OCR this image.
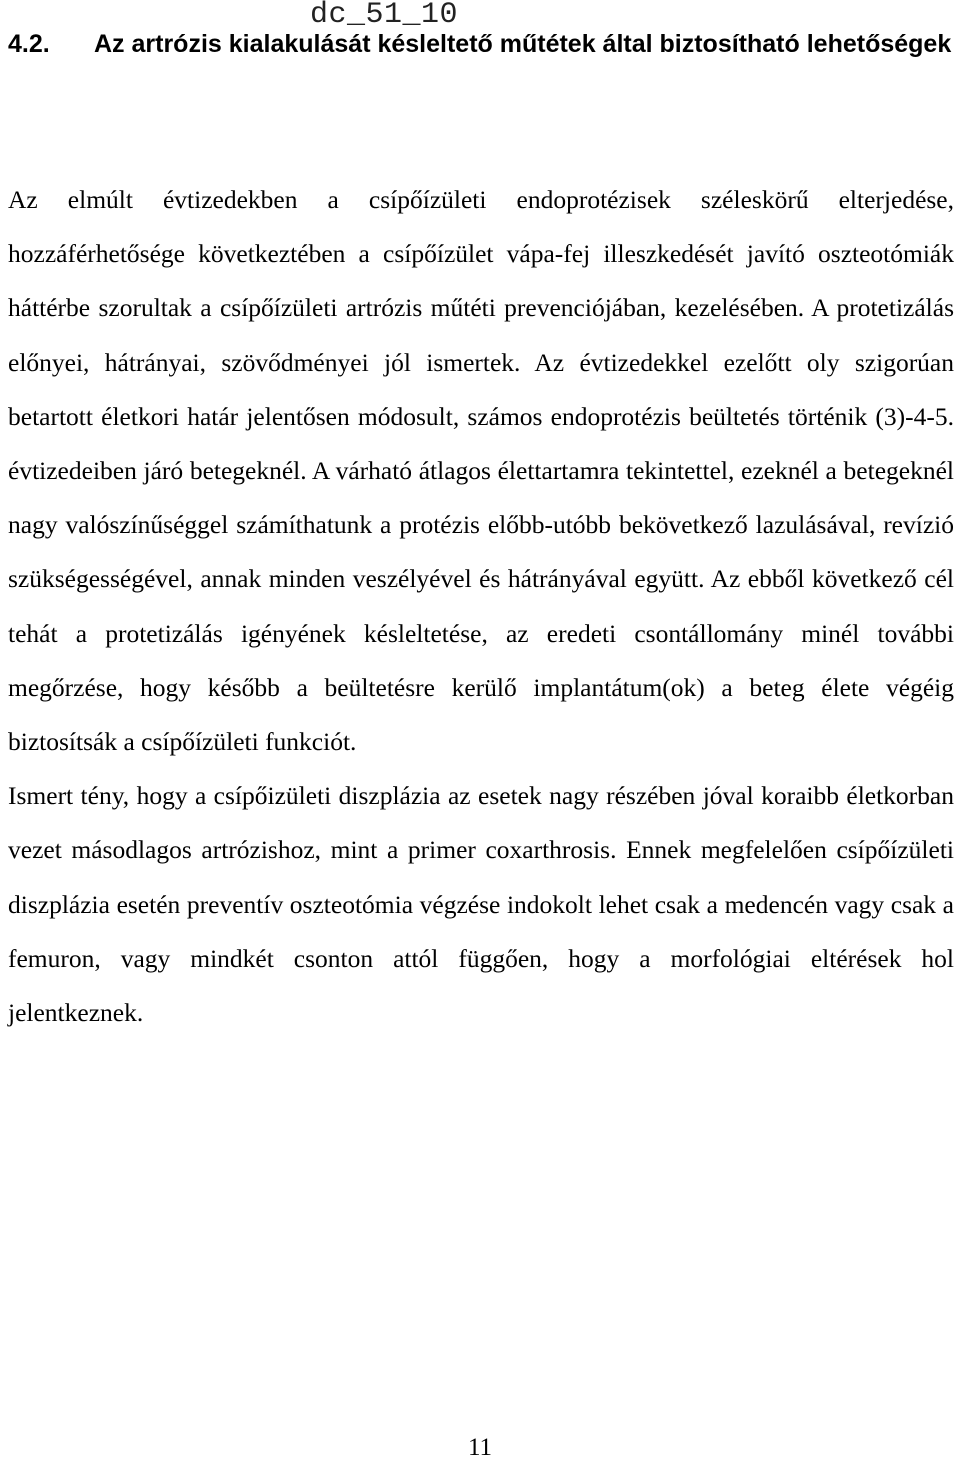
dc_51_10
4.2. Az artrózis kialakulását késleltető műtétek által biztosítható lehetőségek

Az elmúlt évtizedekben a csípőízületi endoprotézisek széleskörű elterjedése, hozzáférhetősége következtében a csípőízület vápa-fej illeszkedését javító oszteotómiák háttérbe szorultak a csípőízületi artrózis műtéti prevenciójában, kezelésében. A protetizálás előnyei, hátrányai, szövődményei jól ismertek. Az évtizedekkel ezelőtt oly szigorúan betartott életkori határ jelentősen módosult, számos endoprotézis beültetés történik (3)-4-5. évtizedeiben járó betegeknél. A várható átlagos élettartamra tekintettel, ezeknél a betegeknél nagy valószínűséggel számíthatunk a protézis előbb-utóbb bekövetkező lazulásával, revízió szükségességével, annak minden veszélyével és hátrányával együtt. Az ebből következő cél tehát a protetizálás igényének késleltetése, az eredeti csontállomány minél további megőrzése, hogy később a beültetésre kerülő implantátum(ok) a beteg élete végéig biztosítsák a csípőízületi funkciót.

Ismert tény, hogy a csípőizületi diszplázia az esetek nagy részében jóval koraibb életkorban vezet másodlagos artrózishoz, mint a primer coxarthrosis. Ennek megfelelően csípőízületi diszplázia esetén preventív oszteotómia végzése indokolt lehet csak a medencén vagy csak a femuron, vagy mindkét csonton attól függően, hogy a morfológiai eltérések hol jelentkeznek.

11
